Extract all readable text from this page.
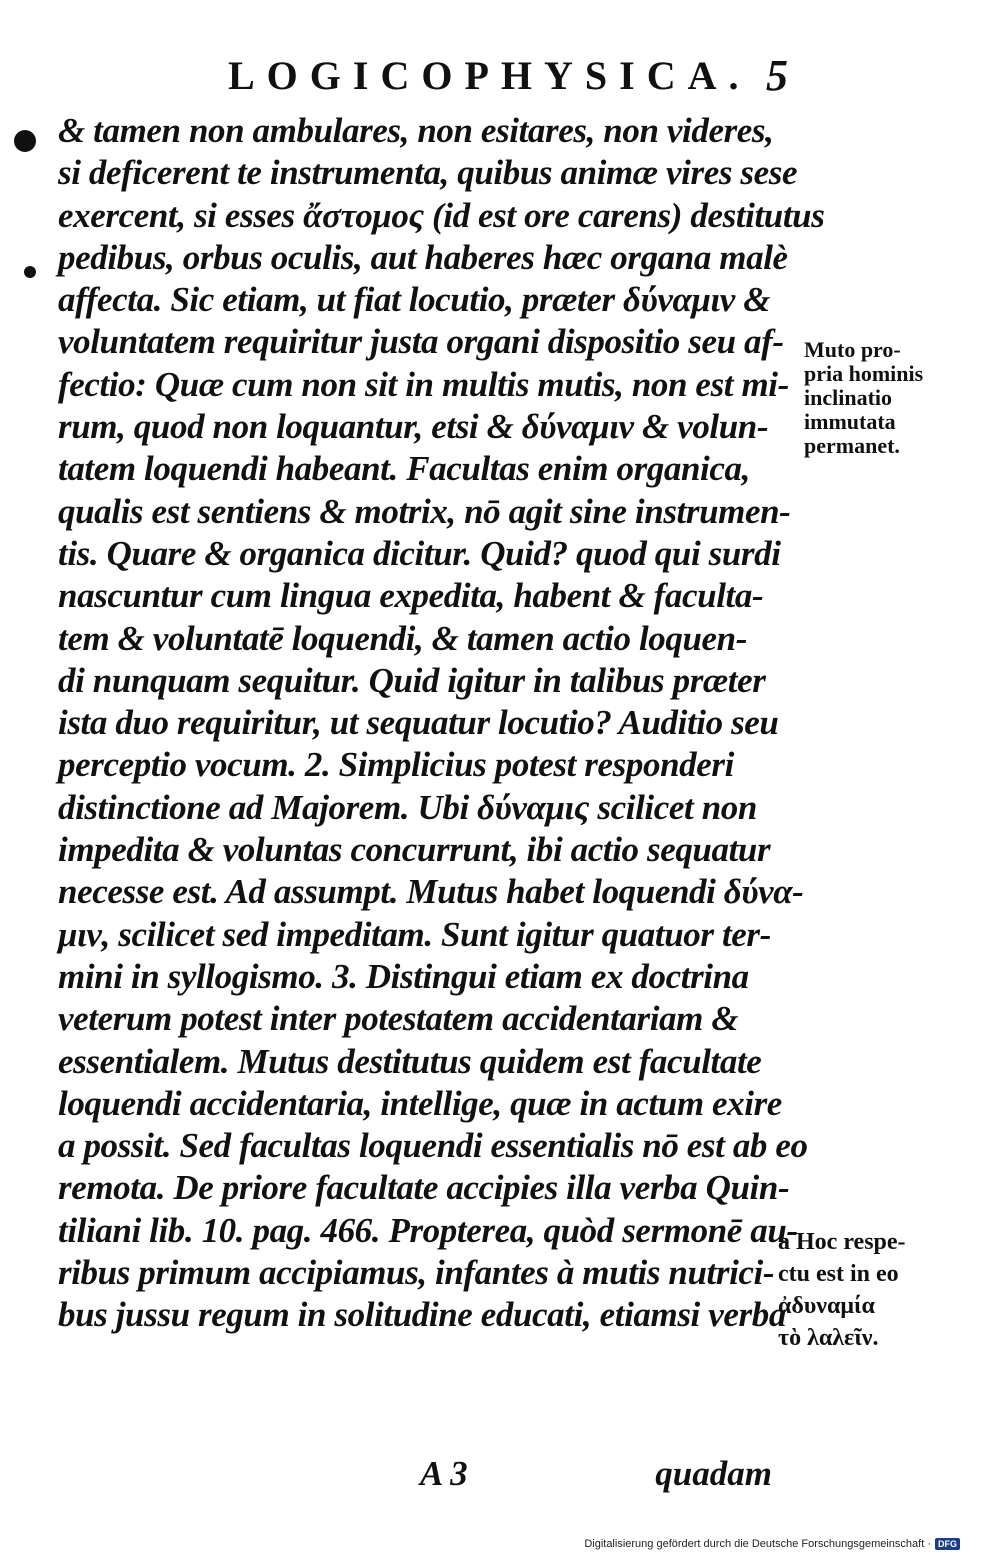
LOGICOPHYSICA. 5
& tamen non ambulares, non esitares, non videres,
si deficerent te instrumenta, quibus animæ vires sese
exercent, si esses ἄστομος (id est ore carens) destitutus
pedibus, orbus oculis, aut haberes hæc organa malè
affecta. Sic etiam, ut fiat locutio, præter δύναμιν &
voluntatem requiritur justa organi dispositio seu af-
fectio: Quæ cum non sit in multis mutis, non est mi-
rum, quod non loquantur, etsi & δύναμιν & volun-
tatem loquendi habeant. Facultas enim organica,
qualis est sentiens & motrix, nō agit sine instrumen-
tis. Quare & organica dicitur. Quid? quod qui surdi
nascuntur cum lingua expedita, habent & faculta-
tem & voluntatē loquendi, & tamen actio loquen-
di nunquam sequitur. Quid igitur in talibus præter
ista duo requiritur, ut sequatur locutio? Auditio seu
perceptio vocum. 2. Simplicius potest responderi
distinctione ad Majorem. Ubi δύναμις scilicet non
impedita & voluntas concurrunt, ibi actio sequatur
necesse est. Ad assumpt. Mutus habet loquendi δύνα-
μιν, scilicet sed impeditam. Sunt igitur quatuor ter-
mini in syllogismo. 3. Distingui etiam ex doctrina
veterum potest inter potestatem accidentariam &
essentialem. Mutus destitutus quidem est facultate
loquendi accidentaria, intellige, quæ in actum exire
a possit. Sed facultas loquendi essentialis nō est ab eo
remota. De priore facultate accipies illa verba Quin-
tiliani lib. 10. pag. 466. Propterea, quòd sermonē au-
ribus primum accipiamus, infantes à mutis nutrici-
bus jussu regum in solitudine educati, etiamsi verba
Muto pro-
pria hominis
inclinatio
immutata
permanet.
a Hoc respe-
ctu est in eo
ἀδυναμία
τὸ λαλεῖν.
A 3	quadam
Digitalisierung gefördert durch die Deutsche Forschungsgemeinschaft · DFG
